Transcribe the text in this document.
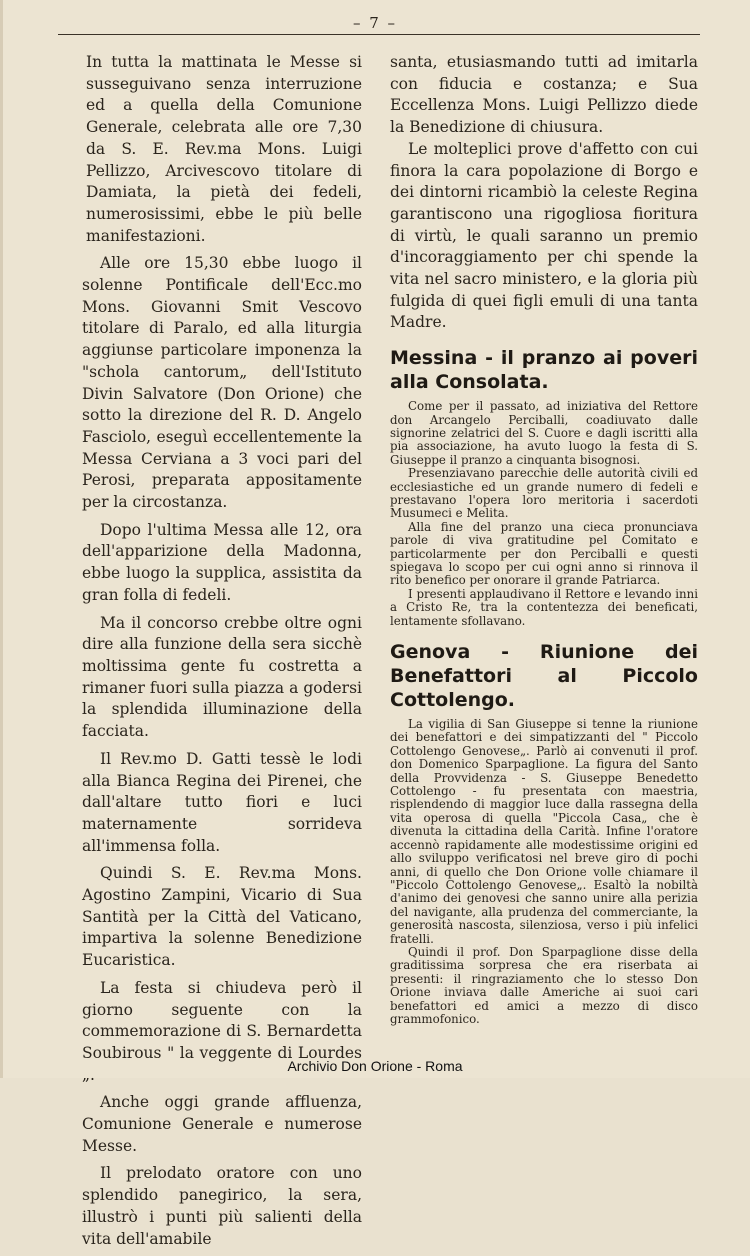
– 7 –

In tutta la mattinata le Messe si susseguivano senza interruzione ed a quella della Comunione Generale, celebrata alle ore 7,30 da S. E. Rev.ma Mons. Luigi Pellizzo, Arcivescovo titolare di Damiata, la pietà dei fedeli, numerosissimi, ebbe le più belle manifestazioni.

Alle ore 15,30 ebbe luogo il solenne Pontificale dell'Ecc.mo Mons. Giovanni Smit Vescovo titolare di Paralo, ed alla liturgia aggiunse particolare imponenza la "schola cantorum„ dell'Istituto Divin Salvatore (Don Orione) che sotto la direzione del R. D. Angelo Fasciolo, eseguì eccellentemente la Messa Cerviana a 3 voci pari del Perosi, preparata appositamente per la circostanza.

Dopo l'ultima Messa alle 12, ora dell'apparizione della Madonna, ebbe luogo la supplica, assistita da gran folla di fedeli.

Ma il concorso crebbe oltre ogni dire alla funzione della sera sicchè moltissima gente fu costretta a rimaner fuori sulla piazza a godersi la splendida illuminazione della facciata.

Il Rev.mo D. Gatti tessè le lodi alla Bianca Regina dei Pirenei, che dall'altare tutto fiori e luci maternamente sorrideva all'immensa folla.

Quindi S. E. Rev.ma Mons. Agostino Zampini, Vicario di Sua Santità per la Città del Vaticano, impartiva la solenne Benedizione Eucaristica.

La festa si chiudeva però il giorno seguente con la commemorazione di S. Bernardetta Soubirous " la veggente di Lourdes „.

Anche oggi grande affluenza, Comunione Generale e numerose Messe.

Il prelodato oratore con uno splendido panegirico, la sera, illustrò i punti più salienti della vita dell'amabile

santa, etusiasmando tutti ad imitarla con fiducia e costanza; e Sua Eccellenza Mons. Luigi Pellizzo diede la Benedizione di chiusura.

Le molteplici prove d'affetto con cui finora la cara popolazione di Borgo e dei dintorni ricambiò la celeste Regina garantiscono una rigogliosa fioritura di virtù, le quali saranno un premio d'incoraggiamento per chi spende la vita nel sacro ministero, e la gloria più fulgida di quei figli emuli di una tanta Madre.

Messina - il pranzo ai poveri alla Consolata.

Come per il passato, ad iniziativa del Rettore don Arcangelo Perciballi, coadiuvato dalle signorine zelatrici del S. Cuore e dagli iscritti alla pia associazione, ha avuto luogo la festa di S. Giuseppe il pranzo a cinquanta bisognosi.

Presenziavano parecchie delle autorità civili ed ecclesiastiche ed un grande numero di fedeli e prestavano l'opera loro meritoria i sacerdoti Musumeci e Melita.

Alla fine del pranzo una cieca pronunciava parole di viva gratitudine pel Comitato e particolarmente per don Perciballi e questi spiegava lo scopo per cui ogni anno si rinnova il rito benefico per onorare il grande Patriarca.

I presenti applaudivano il Rettore e levando inni a Cristo Re, tra la contentezza dei beneficati, lentamente sfollavano.

Genova - Riunione dei Benefattori al Piccolo Cottolengo.

La vigilia di San Giuseppe si tenne la riunione dei benefattori e dei simpatizzanti del " Piccolo Cottolengo Genovese„. Parlò ai convenuti il prof. don Domenico Sparpaglione. La figura del Santo della Provvidenza - S. Giuseppe Benedetto Cottolengo - fu presentata con maestria, risplendendo di maggior luce dalla rassegna della vita operosa di quella "Piccola Casa„ che è divenuta la cittadina della Carità. Infine l'oratore accennò rapidamente alle modestissime origini ed allo sviluppo verificatosi nel breve giro di pochi anni, di quello che Don Orione volle chiamare il "Piccolo Cottolengo Genovese„. Esaltò la nobiltà d'animo dei genovesi che sanno unire alla perizia del navigante, alla prudenza del commerciante, la generosità nascosta, silenziosa, verso i più infelici fratelli.

Quindi il prof. Don Sparpaglione disse della graditissima sorpresa che era riserbata ai presenti: il ringraziamento che lo stesso Don Orione inviava dalle Americhe ai suoi cari benefattori ed amici a mezzo di disco grammofonico.

Archivio Don Orione - Roma
